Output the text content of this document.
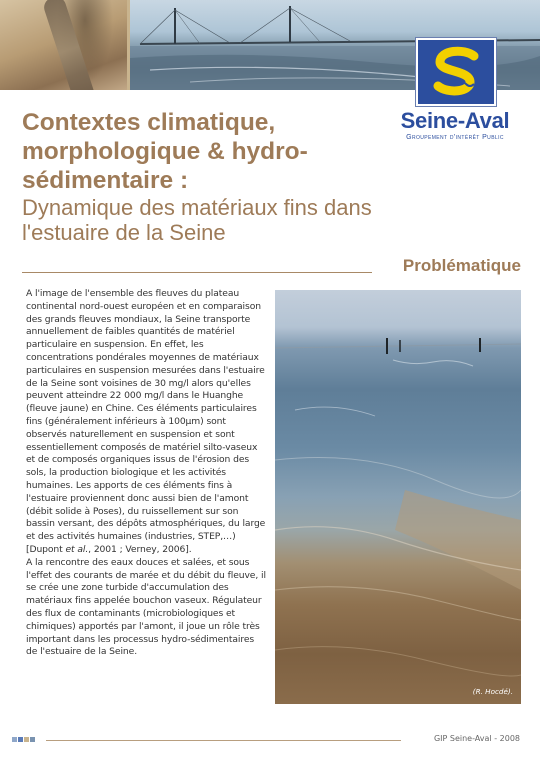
Seine-Aval
Groupement d'intérêt Public
Contextes climatique, morphologique & hydro-sédimentaire :
Dynamique des matériaux fins dans l'estuaire de la Seine
Problématique

A l'image de l'ensemble des fleuves du plateau continental nord-ouest européen et en comparaison des grands fleuves mondiaux, la Seine transporte annuellement de faibles quantités de matériel particulaire en suspension. En effet, les concentrations pondérales moyennes de matériaux particulaires en suspension mesurées dans l'estuaire de la Seine sont voisines de 30 mg/l alors qu'elles peuvent atteindre 22 000 mg/l dans le Huanghe (fleuve jaune) en Chine. Ces éléments particulaires fins (généralement inférieurs à 100µm) sont observés naturellement en suspension et sont essentiellement composés de matériel silto-vaseux et de composés organiques issus de l'érosion des sols, la production biologique et les activités humaines. Les apports de ces éléments fins à l'estuaire proviennent donc aussi bien de l'amont (débit solide à Poses), du ruissellement sur son bassin versant, des dépôts atmosphériques, du large et des activités humaines (industries, STEP,…)

[Dupont et al., 2001 ; Verney, 2006].

A la rencontre des eaux douces et salées, et sous l'effet des courants de marée et du débit du fleuve, il se crée une zone turbide d'accumulation des matériaux fins appelée bouchon vaseux. Régulateur des flux de contaminants (microbiologiques et chimiques) apportés par l'amont, il joue un rôle très important dans les processus hydro-sédimentaires de l'estuaire de la Seine.

(R. Hocdé).
GIP Seine-Aval - 2008
